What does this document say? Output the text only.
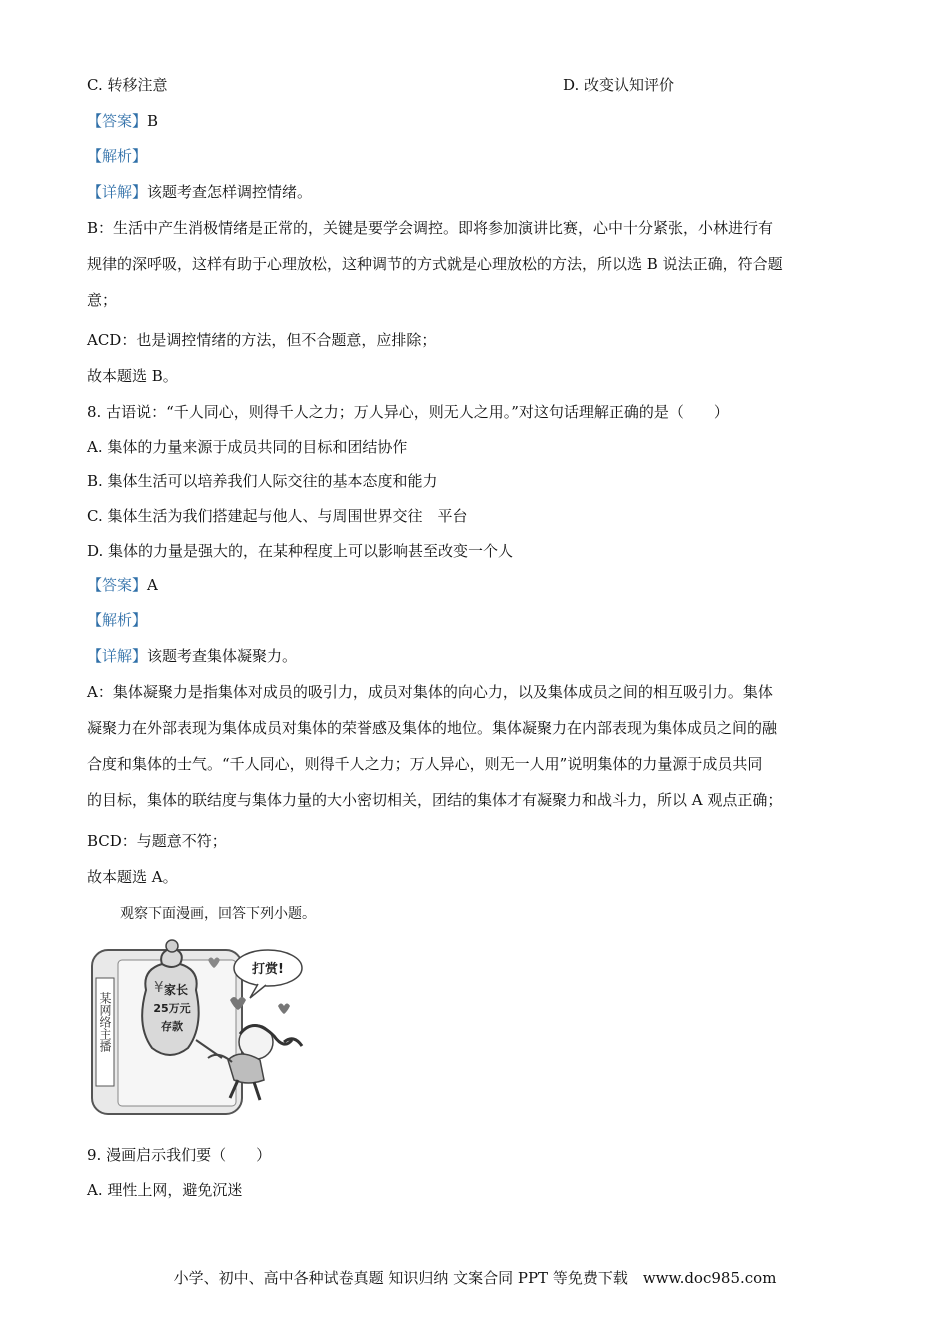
C. 转移注意	D. 改变认知评价
【答案】B
【解析】
【详解】该题考查怎样调控情绪。
B：生活中产生消极情绪是正常的，关键是要学会调控。即将参加演讲比赛，心中十分紧张，小林进行有
规律的深呼吸，这样有助于心理放松，这种调节的方式就是心理放松的方法，所以选 B 说法正确，符合题
意；
ACD：也是调控情绪的方法，但不合题意，应排除；
故本题选 B。
8. 古语说：“千人同心，则得千人之力；万人异心，则无人之用。”对这句话理解正确的是（　　）
A. 集体的力量来源于成员共同的目标和团结协作
B. 集体生活可以培养我们人际交往的基本态度和能力
C. 集体生活为我们搭建起与他人、与周围世界交往　平台
D. 集体的力量是强大的，在某种程度上可以影响甚至改变一个人
【答案】A
【解析】
【详解】该题考查集体凝聚力。
A：集体凝聚力是指集体对成员的吸引力，成员对集体的向心力，以及集体成员之间的相互吸引力。集体
凝聚力在外部表现为集体成员对集体的荣誉感及集体的地位。集体凝聚力在内部表现为集体成员之间的融
合度和集体的士气。“千人同心，则得千人之力；万人异心，则无一人用”说明集体的力量源于成员共同
的目标，集体的联结度与集体力量的大小密切相关，团结的集体才有凝聚力和战斗力，所以 A 观点正确；
BCD：与题意不符；
故本题选 A。
观察下面漫画，回答下列小题。
某网络主播
¥ 家长
25万元
存款
打赏!
9. 漫画启示我们要（　　）
A. 理性上网，避免沉迷
小学、初中、高中各种试卷真题 知识归纳 文案合同 PPT 等免费下载　www.doc985.com
